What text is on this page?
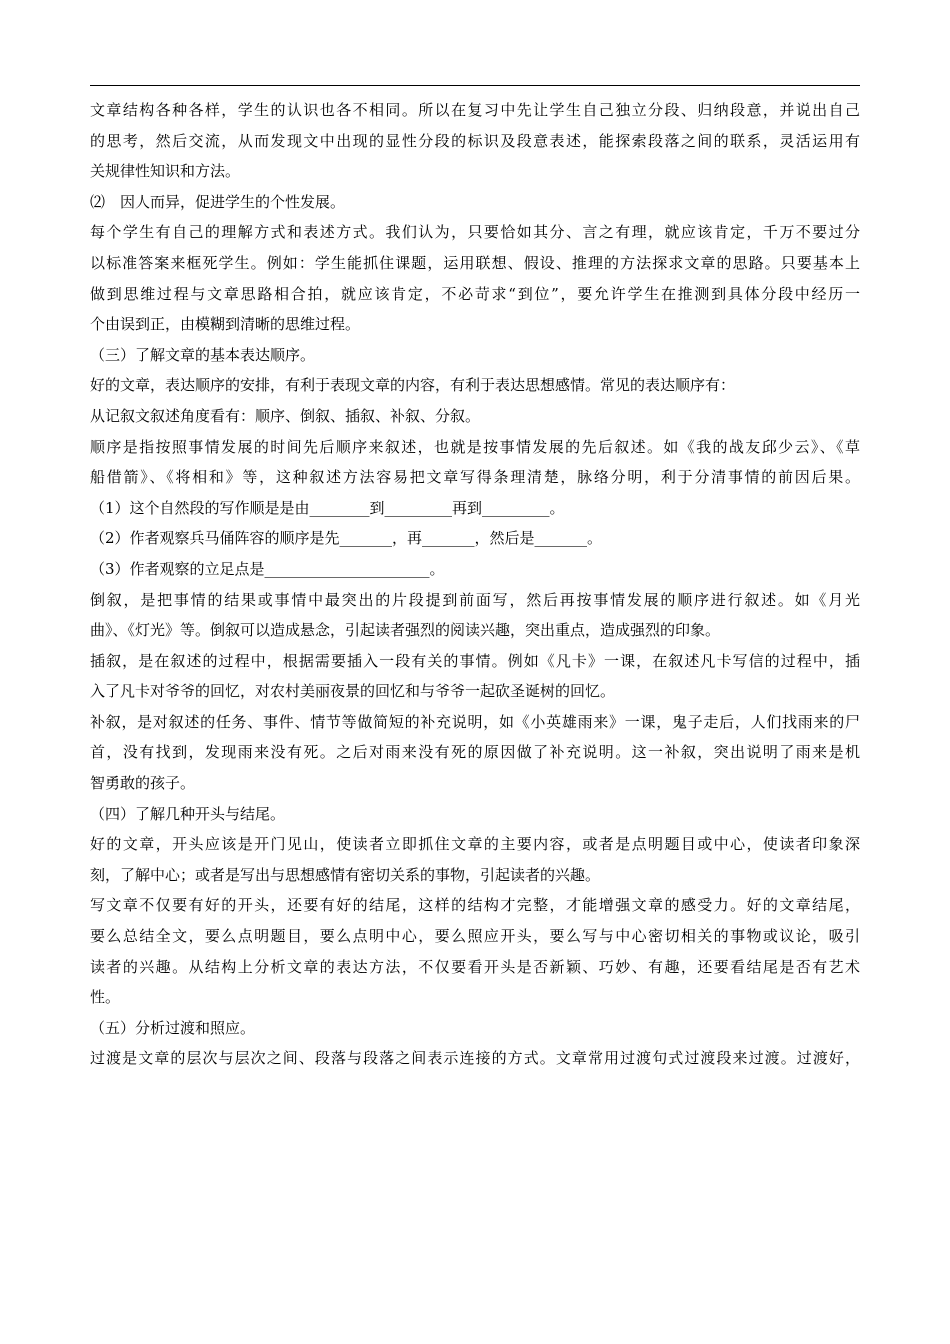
文章结构各种各样，学生的认识也各不相同。所以在复习中先让学生自己独立分段、归纳段意，并说出自己
的思考，然后交流，从而发现文中出现的显性分段的标识及段意表述，能探索段落之间的联系，灵活运用有
关规律性知识和方法。
⑵　因人而异，促进学生的个性发展。
每个学生有自己的理解方式和表述方式。我们认为，只要恰如其分、言之有理，就应该肯定，千万不要过分
以标准答案来框死学生。例如：学生能抓住课题，运用联想、假设、推理的方法探求文章的思路。只要基本上
做到思维过程与文章思路相合拍，就应该肯定，不必苛求“到位”，要允许学生在推测到具体分段中经历一
个由误到正，由模糊到清晰的思维过程。
（三）了解文章的基本表达顺序。
好的文章，表达顺序的安排，有利于表现文章的内容，有利于表达思想感情。常见的表达顺序有：
从记叙文叙述角度看有：顺序、倒叙、插叙、补叙、分叙。
顺序是指按照事情发展的时间先后顺序来叙述，也就是按事情发展的先后叙述。如《我的战友邱少云》、《草
船借箭》、《将相和》等，这种叙述方法容易把文章写得条理清楚，脉络分明，利于分清事情的前因后果。
（1）这个自然段的写作顺是是由________到_________再到_________。
（2）作者观察兵马俑阵容的顺序是先_______，再_______，然后是_______。
（3）作者观察的立足点是______________________。
倒叙，是把事情的结果或事情中最突出的片段提到前面写，然后再按事情发展的顺序进行叙述。如《月光
曲》、《灯光》等。倒叙可以造成悬念，引起读者强烈的阅读兴趣，突出重点，造成强烈的印象。
插叙，是在叙述的过程中，根据需要插入一段有关的事情。例如《凡卡》一课，在叙述凡卡写信的过程中，插
入了凡卡对爷爷的回忆，对农村美丽夜景的回忆和与爷爷一起砍圣诞树的回忆。
补叙，是对叙述的任务、事件、情节等做简短的补充说明，如《小英雄雨来》一课，鬼子走后，人们找雨来的尸
首，没有找到，发现雨来没有死。之后对雨来没有死的原因做了补充说明。这一补叙，突出说明了雨来是机
智勇敢的孩子。
（四）了解几种开头与结尾。
好的文章，开头应该是开门见山，使读者立即抓住文章的主要内容，或者是点明题目或中心，使读者印象深
刻，了解中心；或者是写出与思想感情有密切关系的事物，引起读者的兴趣。
写文章不仅要有好的开头，还要有好的结尾，这样的结构才完整，才能增强文章的感受力。好的文章结尾，
要么总结全文，要么点明题目，要么点明中心，要么照应开头，要么写与中心密切相关的事物或议论，吸引
读者的兴趣。从结构上分析文章的表达方法，不仅要看开头是否新颖、巧妙、有趣，还要看结尾是否有艺术
性。
（五）分析过渡和照应。
过渡是文章的层次与层次之间、段落与段落之间表示连接的方式。文章常用过渡句式过渡段来过渡。过渡好，
